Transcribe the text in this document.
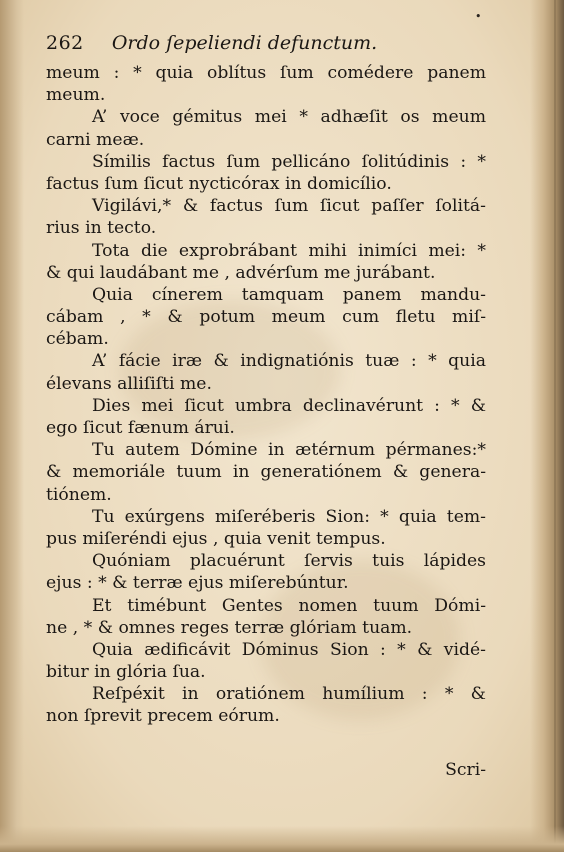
•
262 Ordo ſepeliendi defunctum.
meum : * quia oblítus ſum comédere panem
meum.
A’ voce gémitus mei * adhæſit os meum
carni meæ.
Símilis factus ſum pellicáno ſolitúdinis : *
factus ſum ſicut nycticórax in domicílio.
Vigilávi,* & factus ſum ſicut paſſer ſolitá-
rius in tecto.
Tota die exprobrábant mihi inimíci mei: *
& qui laudábant me , advérſum me jurábant.
Quia cínerem tamquam panem mandu-
cábam , * & potum meum cum fletu miſ-
cébam.
A’ fácie iræ & indignatiónis tuæ : * quia
élevans alliſiſti me.
Dies mei ſicut umbra declinavérunt : * &
ego ſicut fænum árui.
Tu autem Dómine in ætérnum pérmanes:*
& memoriále tuum in generatiónem & genera-
tiónem.
Tu exúrgens miſeréberis Sion: * quia tem-
pus miſeréndi ejus , quia venit tempus.
Quóniam placuérunt ſervis tuis lápides
ejus : * & terræ ejus miſerebúntur.
Et timébunt Gentes nomen tuum Dómi-
ne , * & omnes reges terræ glóriam tuam.
Quia ædificávit Dóminus Sion : * & vidé-
bitur in glória ſua.
Reſpéxit in oratiónem humílium : * &
non ſprevit precem eórum.
Scri-
